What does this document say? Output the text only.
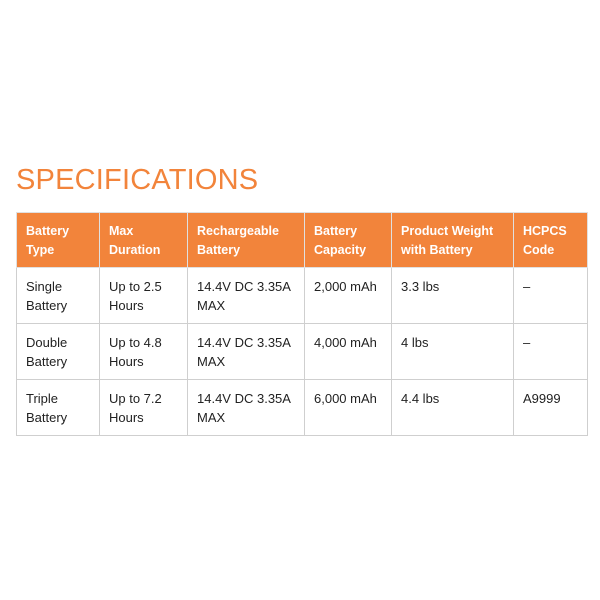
SPECIFICATIONS
Battery Type	Max Duration	Rechargeable Battery	Battery Capacity	Product Weight with Battery	HCPCS Code
Single Battery	Up to 2.5 Hours	14.4V DC 3.35A MAX	2,000 mAh	3.3 lbs	–
Double Battery	Up to 4.8 Hours	14.4V DC 3.35A MAX	4,000 mAh	4 lbs	–
Triple Battery	Up to 7.2 Hours	14.4V DC 3.35A MAX	6,000 mAh	4.4 lbs	A9999
